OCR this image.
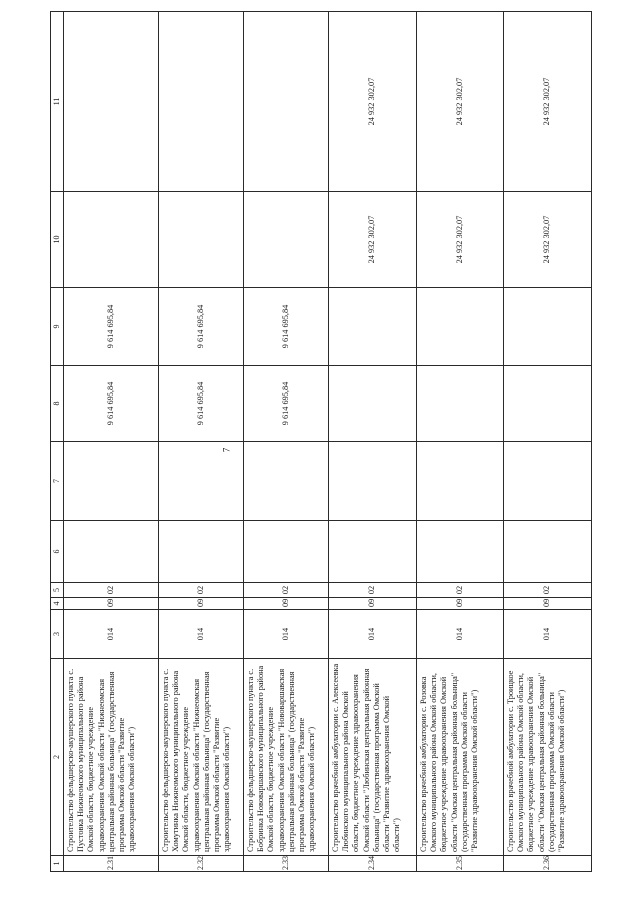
7
1	2	3	4	5	6	7	8	9	10	11
2.31	Строительство фельдшерско-акушерского пункта с. Пустовка Нижнеомского муниципального района Омской области, бюджетное учреждение здравоохранения Омской области "Нижнеомская центральная районная больница" (государственная программа Омской области "Развитие здравоохранения Омской области")	014	09	02			9 614 695,84	9 614 695,84		
2.32	Строительство фельдшерско-акушерского пункта с. Хомутинка Нижнеомского муниципального района Омской области, бюджетное учреждение здравоохранения Омской области "Нижнеомская центральная районная больница" (государственная программа Омской области "Развитие здравоохранения Омской области")	014	09	02			9 614 695,84	9 614 695,84		
2.33	Строительство фельдшерско-акушерского пункта с. Бобринка Нововаршавского муниципального района Омской области, бюджетное учреждение здравоохранения Омской области "Нововаршавская центральная районная больница" (государственная программа Омской области "Развитие здравоохранения Омской области")	014	09	02			9 614 695,84	9 614 695,84		
2.34	Строительство врачебной амбулатории с. Алексеевка Любинского муниципального района Омской области, бюджетное учреждение здравоохранения Омской области "Любинская центральная районная больница" (государственная программа Омской области "Развитие здравоохранения Омской области")	014	09	02					24 932 302,07	24 932 302,07
2.35	Строительство врачебной амбулатории с. Розовка Омского муниципального района Омской области, бюджетное учреждение здравоохранения Омской области "Омская центральная районная больница" (государственная программа Омской области "Развитие здравоохранения Омской области")	014	09	02					24 932 302,07	24 932 302,07
2.36	Строительство врачебной амбулатории с. Троицкое Омского муниципального района Омской области, бюджетное учреждение здравоохранения Омской области "Омская центральная районная больница" (государственная программа Омской области "Развитие здравоохранения Омской области")	014	09	02					24 932 302,07	24 932 302,07
